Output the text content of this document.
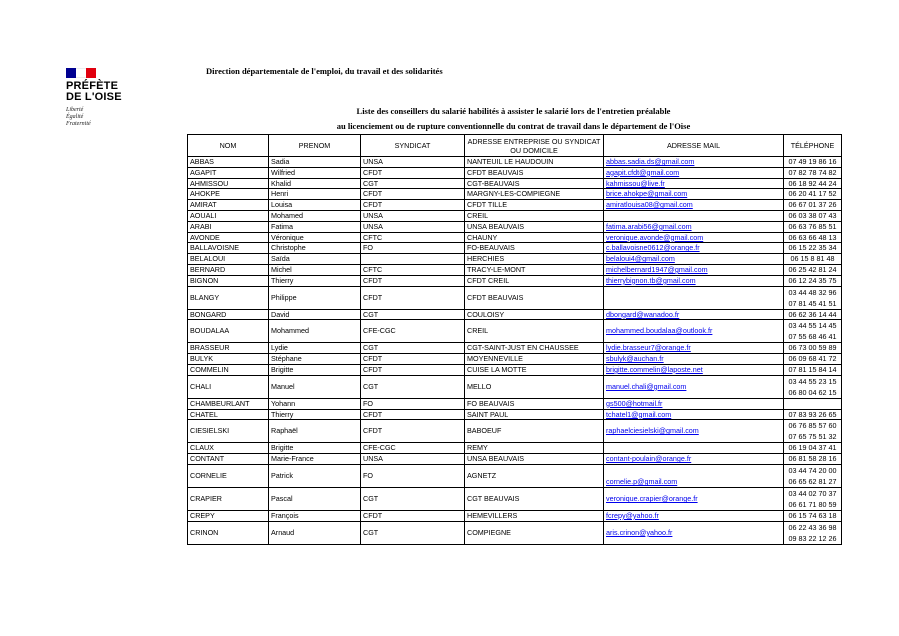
PRÉFÈTE
DE L'OISE
Liberté
Égalité
Fraternité
Direction départementale de l'emploi, du travail et des solidarités
Liste des conseillers du salarié habilités à assister le salarié lors de l'entretien préalable
au licenciement ou de rupture conventionnelle du contrat de travail dans le département de l'Oise
NOM	PRENOM	SYNDICAT	ADRESSE ENTREPRISE OU SYNDICAT OU DOMICILE	ADRESSE MAIL	TÉLÉPHONE
ABBAS	Sadia	UNSA	NANTEUIL LE HAUDOUIN	abbas.sadia.ds@gmail.com	07 49 19 86 16
AGAPIT	Wilfried	CFDT	CFDT BEAUVAIS	agapit.cfdt@gmail.com	07 82 78 74 82
AHMISSOU	Khalid	CGT	CGT-BEAUVAIS	kahmissou@live.fr	06 18 92 44 24
AHOKPE	Henri	CFDT	MARGNY-LES-COMPIEGNE	brice.ahokpe@gmail.com	06 20 41 17 52
AMIRAT	Louisa	CFDT	CFDT TILLE	amiratlouisa08@gmail.com	06 67 01 37 26
AOUALI	Mohamed	UNSA	CREIL		06 03 38 07 43
ARABI	Fatima	UNSA	UNSA BEAUVAIS	fatima.arabi56@gmail.com	06 63 76 85 51
AVONDE	Véronique	CFTC	CHAUNY	veronique.avonde@gmail.com	06 63 66 48 13
BALLAVOISNE	Christophe	FO	FO-BEAUVAIS	c.ballavoisne0612@orange.fr	06 15 22 35 34
BELALOUI	Saïda		HERCHIES	belaloui4@gmail.com	06 15 8 81 48
BERNARD	Michel	CFTC	TRACY-LE-MONT	michelbernard1947@gmail.com	06 25 42 81 24
BIGNON	Thierry	CFDT	CFDT CREIL	thierrybignon.tb@gmail.com	06 12 24 35 75
BLANGY	Philippe	CFDT	CFDT BEAUVAIS		03 44 48 32 96
07 81 45 41 51

BONGARD	David	CGT	COULOISY	dbongard@wanadoo.fr	06 62 36 14 44
BOUDALAA	Mohammed	CFE-CGC	CREIL	mohammed.boudalaa@outlook.fr	03 44 55 14 45
07 55 68 46 41

BRASSEUR	Lydie	CGT	CGT-SAINT-JUST EN CHAUSSEE	lydie.brasseur7@orange.fr	06 73 00 59 89
BULYK	Stéphane	CFDT	MOYENNEVILLE	sbulyk@auchan.fr	06 09 68 41 72
COMMELIN	Brigitte	CFDT	CUISE LA MOTTE	brigitte.commelin@laposte.net	07 81 15 84 14
CHALI	Manuel	CGT	MELLO	manuel.chali@gmail.com	03 44 55 23 15
06 80 04 62 15

CHAMBEURLANT	Yohann	FO	FO BEAUVAIS	gs500@hotmail.fr	
CHATEL	Thierry	CFDT	SAINT PAUL	tchatel1@gmail.com	07 83 93 26 65
CIESIELSKI	Raphaël	CFDT	BABOEUF	raphaelciesielski@gmail.com	06 76 85 57 60
07 65 75 51 32

CLAUX	Brigitte	CFE-CGC	REMY		06 19 04 37 41
CONTANT	Marie-France	UNSA	UNSA BEAUVAIS	contant-poulain@orange.fr	06 81 58 28 16
CORNELIE	Patrick	FO	AGNETZ	cornelie.p@gmail.com	03 44 74 20 00
06 65 62 81 27

CRAPIER	Pascal	CGT	CGT BEAUVAIS	veronique.crapier@orange.fr	03 44 02 70 37
06 61 71 80 59

CREPY	François	CFDT	HEMEVILLERS	fcrepy@yahoo.fr	06 15 74 63 18
CRINON	Arnaud	CGT	COMPIEGNE	aris.crinon@yahoo.fr	06 22 43 36 98
09 83 22 12 26
